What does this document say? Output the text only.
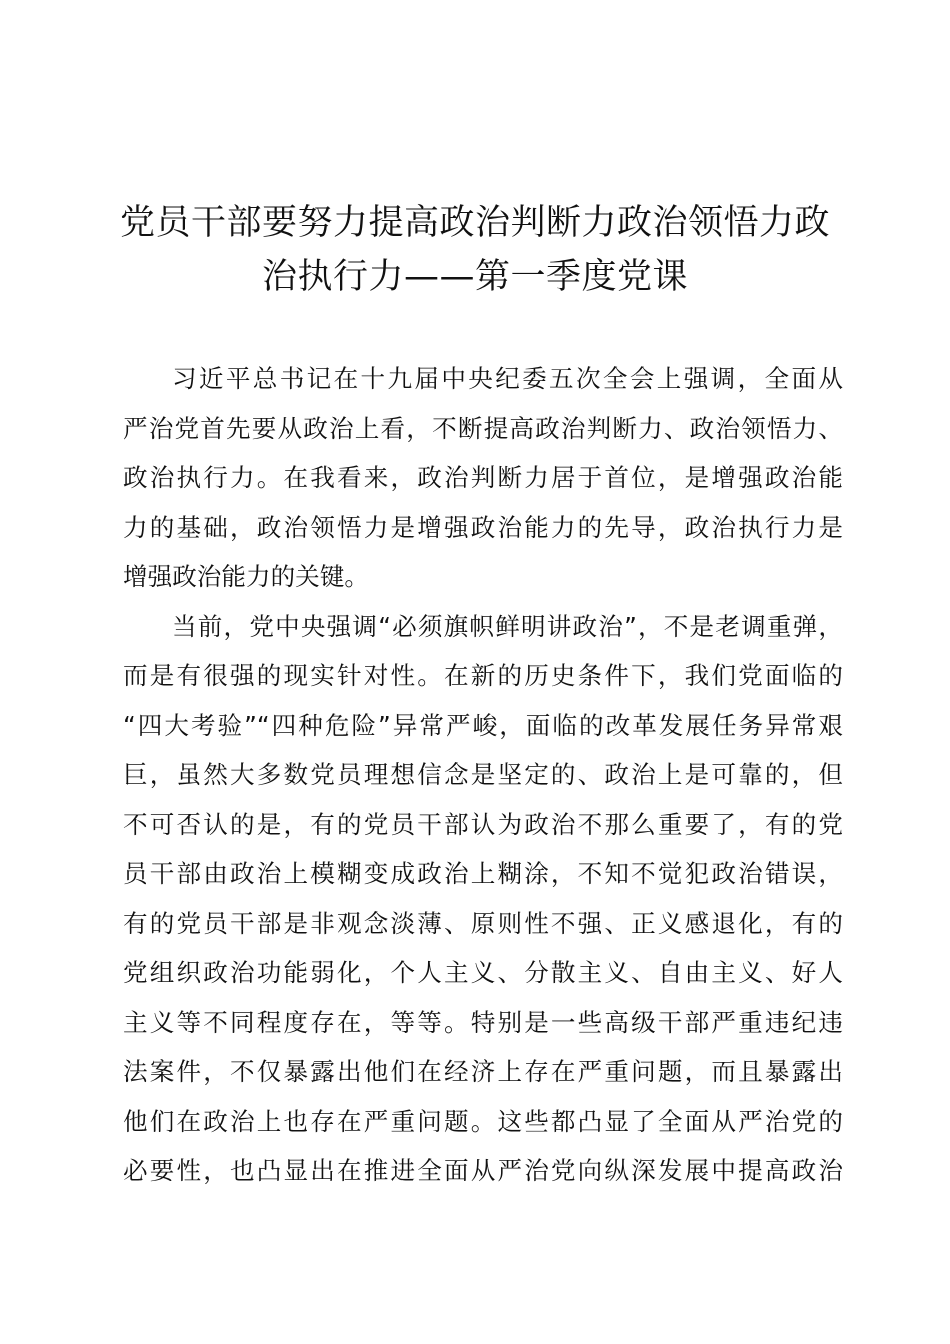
党员干部要努力提高政治判断力政治领悟力政
治执行力——第一季度党课

习近平总书记在十九届中央纪委五次全会上强调，全面从
严治党首先要从政治上看，不断提高政治判断力、政治领悟力、
政治执行力。在我看来，政治判断力居于首位，是增强政治能
力的基础，政治领悟力是增强政治能力的先导，政治执行力是
增强政治能力的关键。

当前，党中央强调“必须旗帜鲜明讲政治”，不是老调重弹，
而是有很强的现实针对性。在新的历史条件下，我们党面临的
“四大考验”“四种危险”异常严峻，面临的改革发展任务异常艰
巨，虽然大多数党员理想信念是坚定的、政治上是可靠的，但
不可否认的是，有的党员干部认为政治不那么重要了，有的党
员干部由政治上模糊变成政治上糊涂，不知不觉犯政治错误，
有的党员干部是非观念淡薄、原则性不强、正义感退化，有的
党组织政治功能弱化，个人主义、分散主义、自由主义、好人
主义等不同程度存在，等等。特别是一些高级干部严重违纪违
法案件，不仅暴露出他们在经济上存在严重问题，而且暴露出
他们在政治上也存在严重问题。这些都凸显了全面从严治党的
必要性，也凸显出在推进全面从严治党向纵深发展中提高政治
